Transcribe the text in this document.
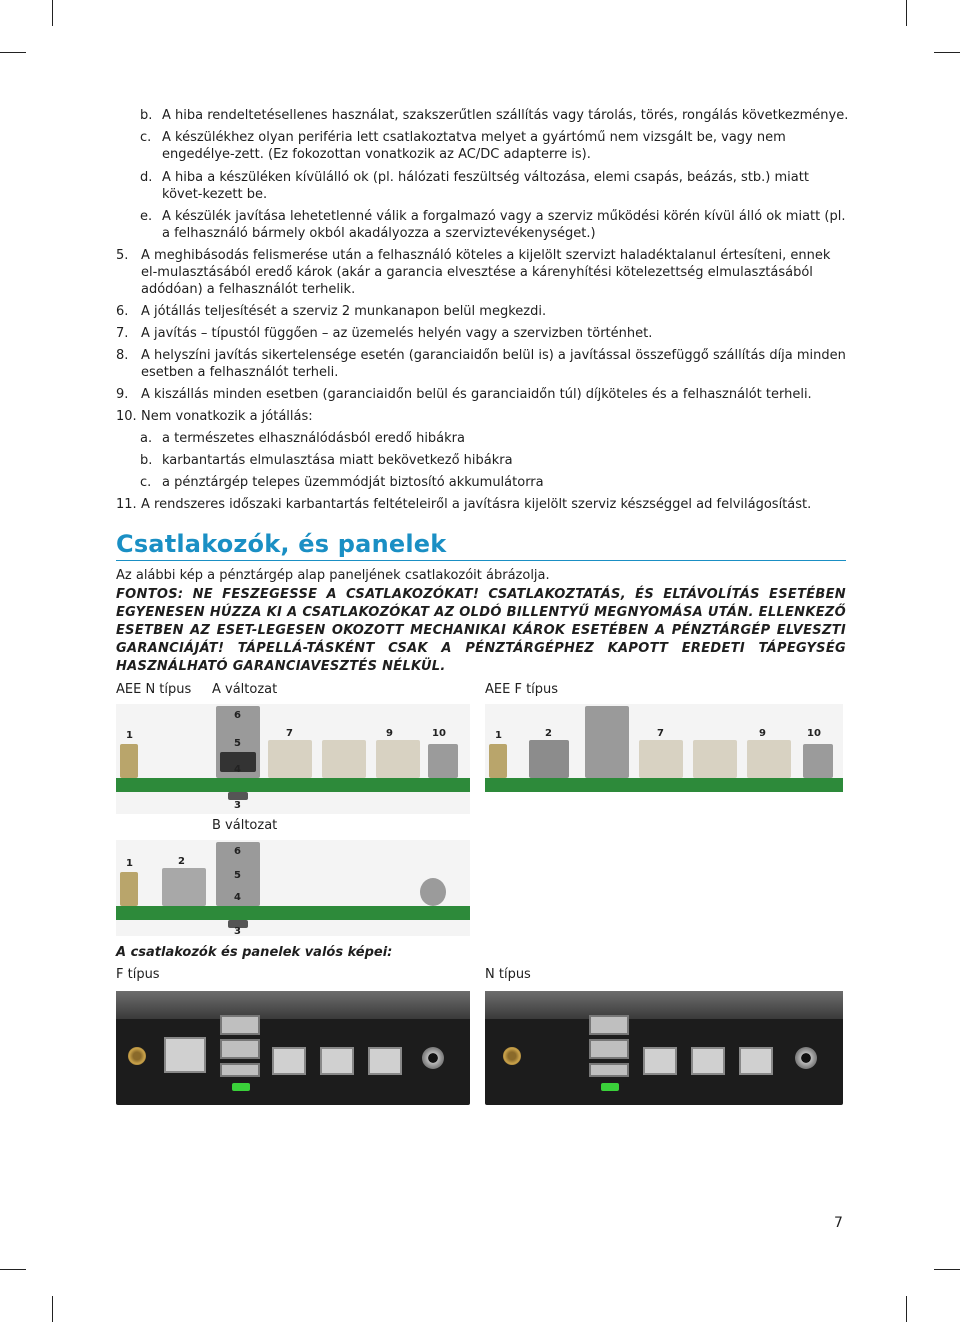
b. A hiba rendeltetésellenes használat, szakszerűtlen szállítás vagy tárolás, törés, rongálás következménye.
c. A készülékhez olyan periféria lett csatlakoztatva melyet a gyártómű nem vizsgált be, vagy nem engedélye-zett. (Ez fokozottan vonatkozik az AC/DC adapterre is).
d. A hiba a készüléken kívülálló ok (pl. hálózati feszültség változása, elemi csapás, beázás, stb.) miatt követ-kezett be.
e. A készülék javítása lehetetlenné válik a forgalmazó vagy a szerviz működési körén kívül álló ok miatt (pl. a felhasználó bármely okból akadályozza a szerviztevékenységet.)
5. A meghibásodás felismerése után a felhasználó köteles a kijelölt szervizt haladéktalanul értesíteni, ennek el-mulasztásából eredő károk (akár a garancia elvesztése a kárenyhítési kötelezettség elmulasztásából adódóan) a felhasználót terhelik.
6. A jótállás teljesítését a szerviz 2 munkanapon belül megkezdi.
7. A javítás – típustól függően – az üzemelés helyén vagy a szervizben történhet.
8. A helyszíni javítás sikertelensége esetén (garanciaidőn belül is) a javítással összefüggő szállítás díja minden esetben a felhasználót terheli.
9. A kiszállás minden esetben (garanciaidőn belül és garanciaidőn túl) díjköteles és a felhasználót terheli.
10. Nem vonatkozik a jótállás:
a. a természetes elhasználódásból eredő hibákra
b. karbantartás elmulasztása miatt bekövetkező hibákra
c. a pénztárgép telepes üzemmódját biztosító akkumulátorra
11. A rendszeres időszaki karbantartás feltételeiről a javításra kijelölt szerviz készséggel ad felvilágosítást.
Csatlakozók, és panelek
Az alábbi kép a pénztárgép alap paneljének csatlakozóit ábrázolja.
FONTOS: NE FESZEGESSE A CSATLAKOZÓKAT! CSATLAKOZTATÁS, ÉS ELTÁVOLÍTÁS ESETÉBEN EGYENESEN HÚZZA KI A CSATLAKOZÓKAT AZ OLDÓ BILLENTYŰ MEGNYOMÁSA UTÁN. ELLENKEZŐ ESETBEN AZ ESET-LEGESEN OKOZOTT MECHANIKAI KÁROK ESETÉBEN A PÉNZTÁRGÉP ELVESZTI GARANCIÁJÁT! TÁPELLÁ-TÁSKÉNT CSAK A PÉNZTÁRGÉPHEZ KAPOTT EREDETI TÁPEGYSÉG HASZNÁLHATÓ GARANCIAVESZTÉS NÉLKÜL.
AEE N típus A változat	AEE F típus
1
6
5
4
7	9	10
3
1	2	7	9	10
B változat
1	2
6
5
4
3
A csatlakozók és panelek valós képei:
F típus	N típus
7
